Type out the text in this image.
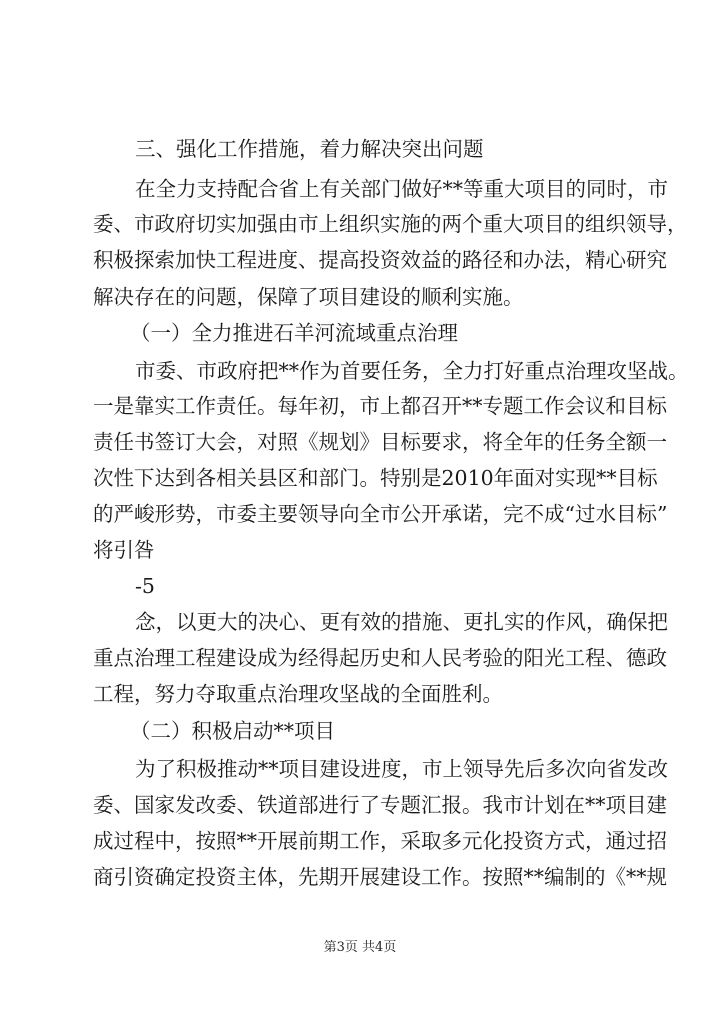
三、强化工作措施，着力解决突出问题
在全力支持配合省上有关部门做好**等重大项目的同时，市
委、市政府切实加强由市上组织实施的两个重大项目的组织领导，
积极探索加快工程进度、提高投资效益的路径和办法，精心研究
解决存在的问题，保障了项目建设的顺利实施。
（一）全力推进石羊河流域重点治理
市委、市政府把**作为首要任务，全力打好重点治理攻坚战。
一是靠实工作责任。每年初，市上都召开**专题工作会议和目标
责任书签订大会，对照《规划》目标要求，将全年的任务全额一
次性下达到各相关县区和部门。特别是2010年面对实现**目标
的严峻形势，市委主要领导向全市公开承诺，完不成“过水目标”
将引咎
-5
念，以更大的决心、更有效的措施、更扎实的作风，确保把
重点治理工程建设成为经得起历史和人民考验的阳光工程、德政
工程，努力夺取重点治理攻坚战的全面胜利。
（二）积极启动**项目
为了积极推动**项目建设进度，市上领导先后多次向省发改
委、国家发改委、铁道部进行了专题汇报。我市计划在**项目建
成过程中，按照**开展前期工作，采取多元化投资方式，通过招
商引资确定投资主体，先期开展建设工作。按照**编制的《**规
第3页 共4页
